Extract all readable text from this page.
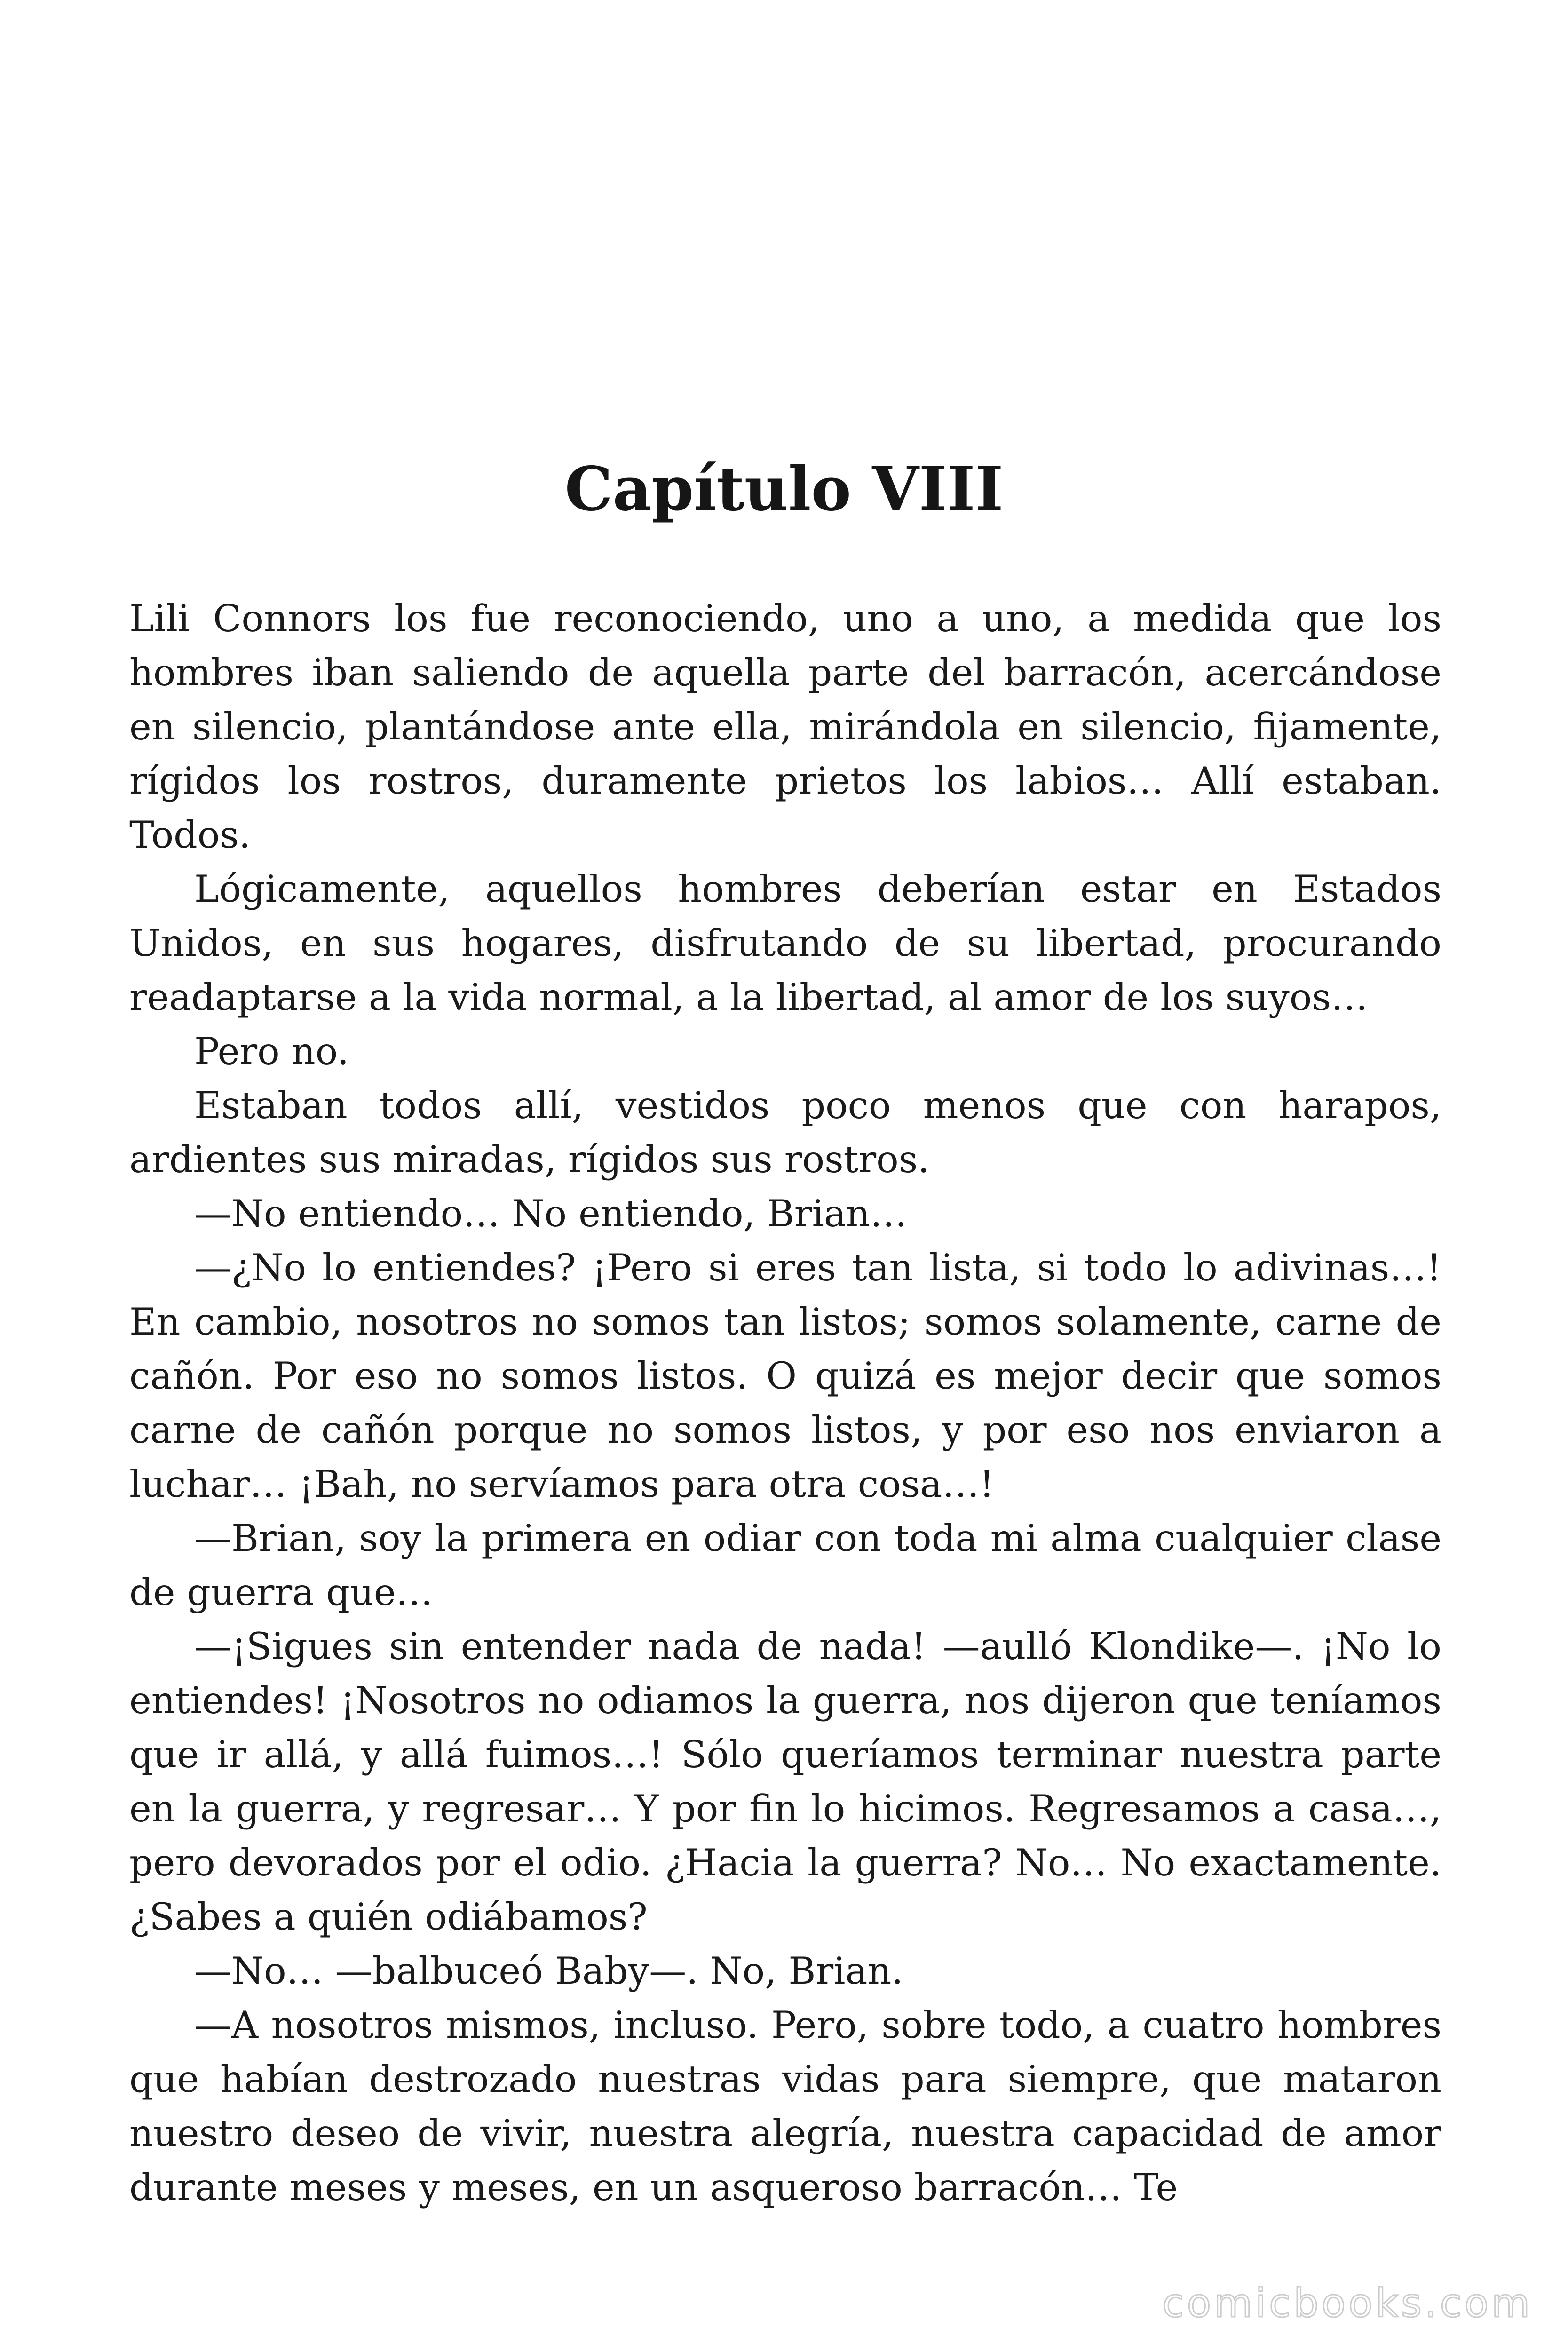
Capítulo VIII

Lili Connors los fue reconociendo, uno a uno, a medida que los hombres iban saliendo de aquella parte del barracón, acercándose en silencio, plantándose ante ella, mirándola en silencio, fijamente, rígidos los rostros, duramente prietos los labios… Allí estaban. Todos.

Lógicamente, aquellos hombres deberían estar en Estados Unidos, en sus hogares, disfrutando de su libertad, procurando readaptarse a la vida normal, a la libertad, al amor de los suyos…

Pero no.

Estaban todos allí, vestidos poco menos que con harapos, ardientes sus miradas, rígidos sus rostros.

—No entiendo… No entiendo, Brian…

—¿No lo entiendes? ¡Pero si eres tan lista, si todo lo adivinas…! En cambio, nosotros no somos tan listos; somos solamente, carne de cañón. Por eso no somos listos. O quizá es mejor decir que somos carne de cañón porque no somos listos, y por eso nos enviaron a luchar… ¡Bah, no servíamos para otra cosa…!

—Brian, soy la primera en odiar con toda mi alma cualquier clase de guerra que…

—¡Sigues sin entender nada de nada! —aulló Klondike—. ¡No lo entiendes! ¡Nosotros no odiamos la guerra, nos dijeron que teníamos que ir allá, y allá fuimos…! Sólo queríamos terminar nuestra parte en la guerra, y regresar… Y por fin lo hicimos. Regresamos a casa…, pero devorados por el odio. ¿Hacia la guerra? No… No exactamente. ¿Sabes a quién odiábamos?

—No… —balbuceó Baby—. No, Brian.

—A nosotros mismos, incluso. Pero, sobre todo, a cuatro hombres que habían destrozado nuestras vidas para siempre, que mataron nuestro deseo de vivir, nuestra alegría, nuestra capacidad de amor durante meses y meses, en un asqueroso barracón… Te

comicbooks.com
